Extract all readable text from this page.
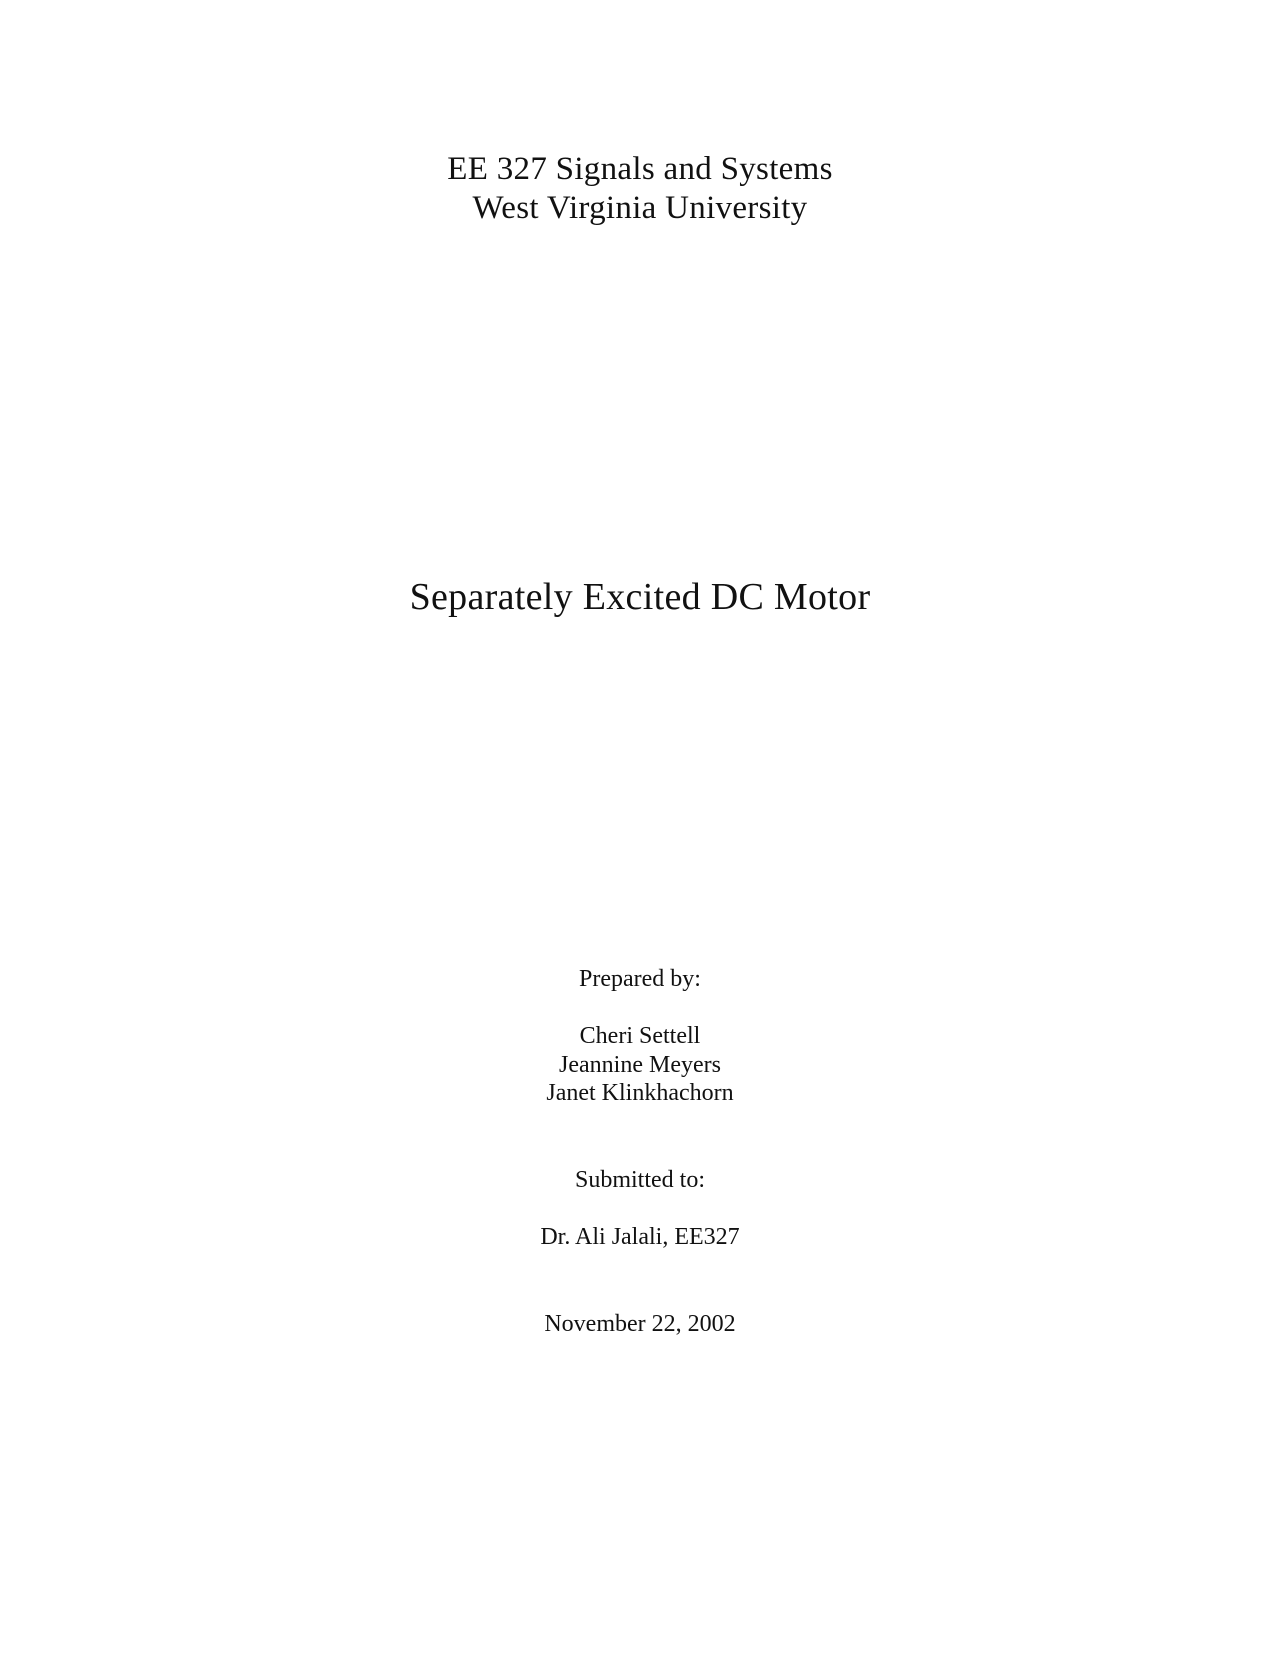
EE 327 Signals and Systems
West Virginia University
Separately Excited DC Motor
Prepared by:
Cheri Settell
Jeannine Meyers
Janet Klinkhachorn
Submitted to:
Dr. Ali Jalali, EE327
November 22, 2002
